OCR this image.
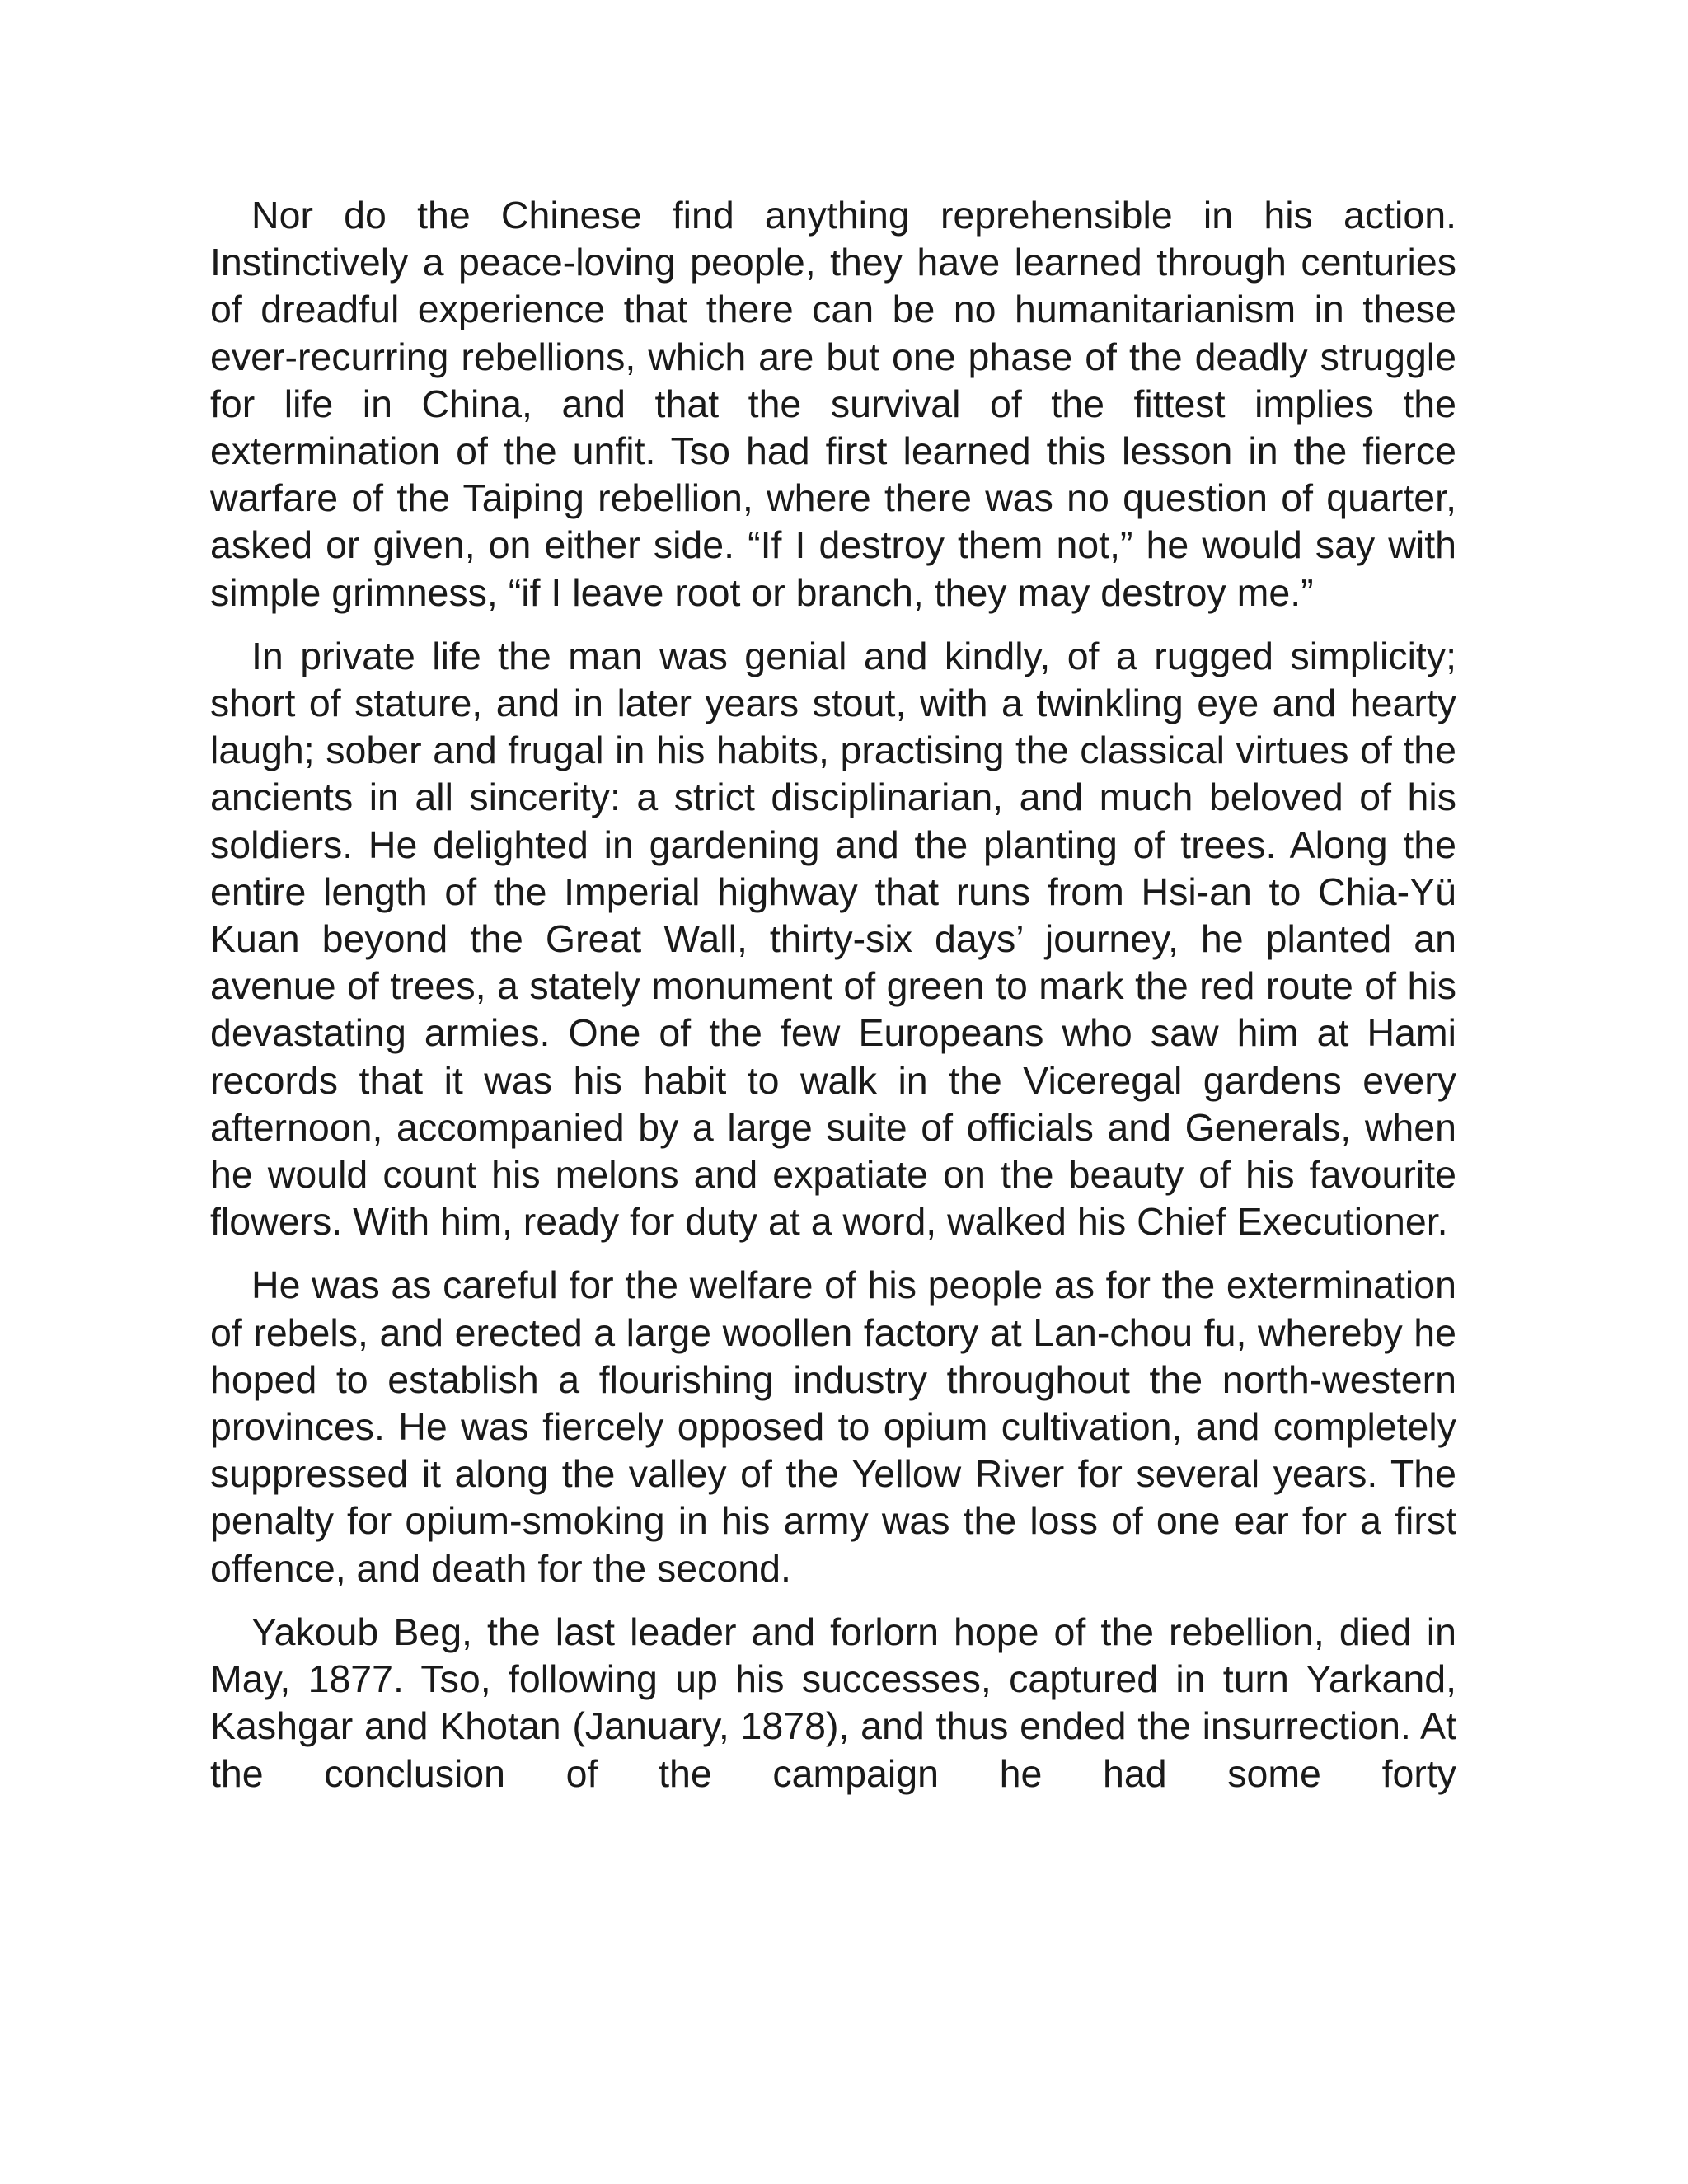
Nor do the Chinese find anything reprehensible in his action. Instinctively a peace-loving people, they have learned through centuries of dreadful experience that there can be no humanitarianism in these ever-recurring rebellions, which are but one phase of the deadly struggle for life in China, and that the survival of the fittest implies the extermination of the unfit. Tso had first learned this lesson in the fierce warfare of the Taiping rebellion, where there was no question of quarter, asked or given, on either side. “If I destroy them not,” he would say with simple grimness, “if I leave root or branch, they may destroy me.”

In private life the man was genial and kindly, of a rugged simplicity; short of stature, and in later years stout, with a twinkling eye and hearty laugh; sober and frugal in his habits, practising the classical virtues of the ancients in all sincerity: a strict disciplinarian, and much beloved of his soldiers. He delighted in gardening and the planting of trees. Along the entire length of the Imperial highway that runs from Hsi-an to Chia-Yü Kuan beyond the Great Wall, thirty-six days’ journey, he planted an avenue of trees, a stately monument of green to mark the red route of his devastating armies. One of the few Europeans who saw him at Hami records that it was his habit to walk in the Viceregal gardens every afternoon, accompanied by a large suite of officials and Generals, when he would count his melons and expatiate on the beauty of his favourite flowers. With him, ready for duty at a word, walked his Chief Executioner.

He was as careful for the welfare of his people as for the extermination of rebels, and erected a large woollen factory at Lan-chou fu, whereby he hoped to establish a flourishing industry throughout the north-western provinces. He was fiercely opposed to opium cultivation, and completely suppressed it along the valley of the Yellow River for several years. The penalty for opium-smoking in his army was the loss of one ear for a first offence, and death for the second.

Yakoub Beg, the last leader and forlorn hope of the rebellion, died in May, 1877. Tso, following up his successes, captured in turn Yarkand, Kashgar and Khotan (January, 1878), and thus ended the insurrection. At the conclusion of the campaign he had some forty
